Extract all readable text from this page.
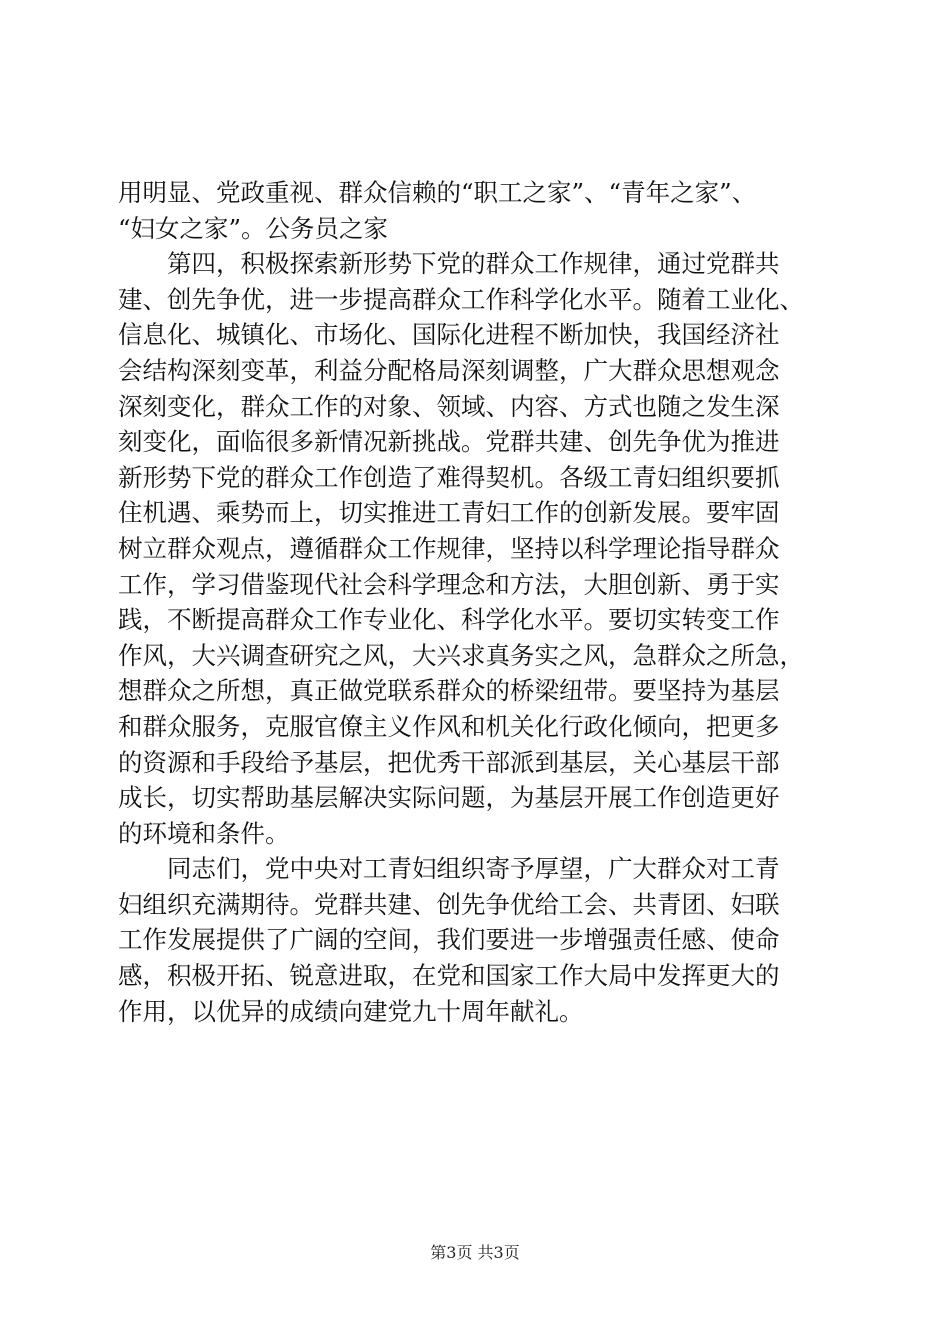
用明显、党政重视、群众信赖的“职工之家”、“青年之家”、
“妇女之家”。公务员之家
　　第四，积极探索新形势下党的群众工作规律，通过党群共
建、创先争优，进一步提高群众工作科学化水平。随着工业化、
信息化、城镇化、市场化、国际化进程不断加快，我国经济社
会结构深刻变革，利益分配格局深刻调整，广大群众思想观念
深刻变化，群众工作的对象、领域、内容、方式也随之发生深
刻变化，面临很多新情况新挑战。党群共建、创先争优为推进
新形势下党的群众工作创造了难得契机。各级工青妇组织要抓
住机遇、乘势而上，切实推进工青妇工作的创新发展。要牢固
树立群众观点，遵循群众工作规律，坚持以科学理论指导群众
工作，学习借鉴现代社会科学理念和方法，大胆创新、勇于实
践，不断提高群众工作专业化、科学化水平。要切实转变工作
作风，大兴调查研究之风，大兴求真务实之风，急群众之所急，
想群众之所想，真正做党联系群众的桥梁纽带。要坚持为基层
和群众服务，克服官僚主义作风和机关化行政化倾向，把更多
的资源和手段给予基层，把优秀干部派到基层，关心基层干部
成长，切实帮助基层解决实际问题，为基层开展工作创造更好
的环境和条件。
　　同志们，党中央对工青妇组织寄予厚望，广大群众对工青
妇组织充满期待。党群共建、创先争优给工会、共青团、妇联
工作发展提供了广阔的空间，我们要进一步增强责任感、使命
感，积极开拓、锐意进取，在党和国家工作大局中发挥更大的
作用，以优异的成绩向建党九十周年献礼。
第3页 共3页
